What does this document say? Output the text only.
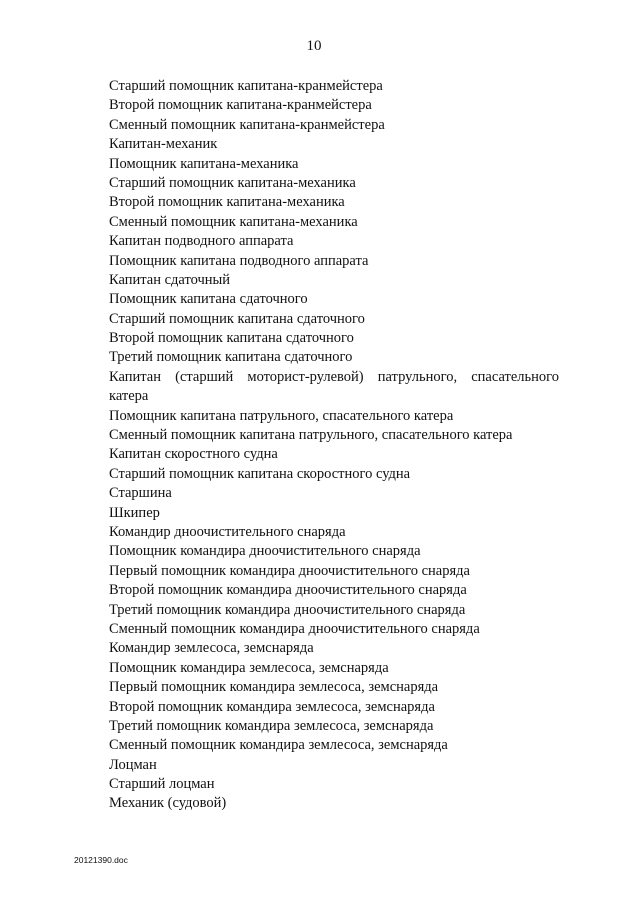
10
Старший помощник капитана-кранмейстера
Второй помощник капитана-кранмейстера
Сменный помощник капитана-кранмейстера
Капитан-механик
Помощник капитана-механика
Старший помощник капитана-механика
Второй помощник капитана-механика
Сменный помощник капитана-механика
Капитан подводного аппарата
Помощник капитана подводного аппарата
Капитан сдаточный
Помощник капитана сдаточного
Старший помощник капитана сдаточного
Второй помощник капитана сдаточного
Третий помощник капитана сдаточного
Капитан (старший моторист-рулевой) патрульного, спасательного катера
Помощник капитана патрульного, спасательного катера
Сменный помощник капитана патрульного, спасательного катера
Капитан скоростного судна
Старший помощник капитана скоростного судна
Старшина
Шкипер
Командир дноочистительного снаряда
Помощник командира дноочистительного снаряда
Первый помощник командира дноочистительного снаряда
Второй помощник командира дноочистительного снаряда
Третий помощник командира дноочистительного снаряда
Сменный помощник командира дноочистительного снаряда
Командир землесоса, земснаряда
Помощник командира землесоса, земснаряда
Первый помощник командира землесоса, земснаряда
Второй помощник командира землесоса, земснаряда
Третий помощник командира землесоса, земснаряда
Сменный помощник командира землесоса, земснаряда
Лоцман
Старший лоцман
Механик (судовой)
20121390.doc
